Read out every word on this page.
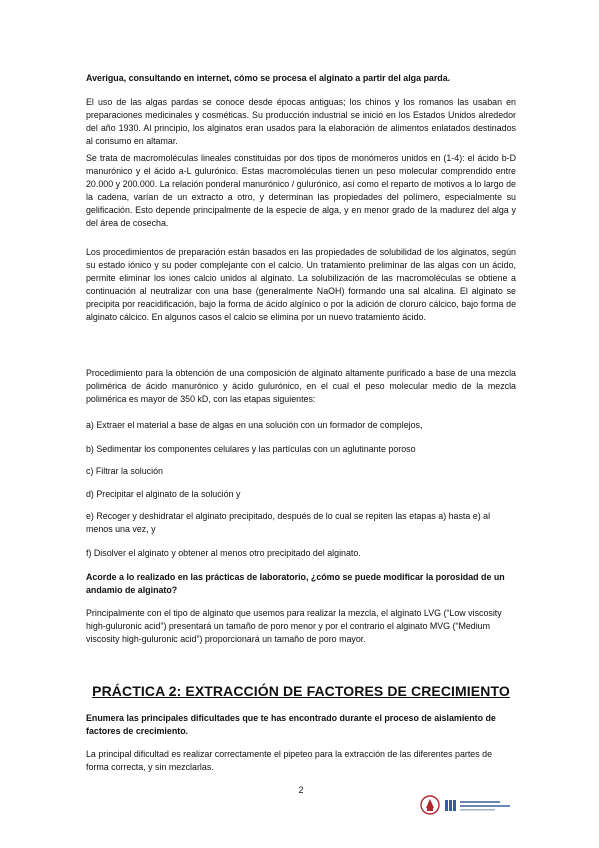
Averigua, consultando en internet, cómo se procesa el alginato a partir del alga parda.
El uso de las algas pardas se conoce desde épocas antiguas; los chinos y los romanos las usaban en preparaciones medicinales y cosméticas. Su producción industrial se inició en los Estados Unidos alrededor del año 1930. Al principio, los alginatos eran usados para la elaboración de alimentos enlatados destinados al consumo en altamar.
Se trata de macromoléculas lineales constituidas por dos tipos de monómeros unidos en (1-4): el ácido b-D manurónico y el ácido a-L gulurónico. Estas macromoléculas tienen un peso molecular comprendido entre 20.000 y 200.000. La relación ponderal manurónico / gulurónico, así como el reparto de motivos a lo largo de la cadena, varían de un extracto a otro, y determinan las propiedades del polímero, especialmente su gelificación. Esto depende principalmente de la especie de alga, y en menor grado de la madurez del alga y del área de cosecha.
Los procedimientos de preparación están basados en las propiedades de solubilidad de los alginatos, según su estado iónico y su poder complejante con el calcio. Un tratamiento preliminar de las algas con un ácido, permite eliminar los iones calcio unidos al alginato. La solubilización de las rnacromoléculas se obtiene a continuación al neutralizar con una base (generalmente NaOH) formando una sal alcalina. El alginato se precipita por reacidificación, bajo la forma de ácido algínico o por la adición de cloruro cálcico, bajo forma de alginato cálcico. En algunos casos el calcio se elimina por un nuevo tratamiento ácido.
Procedimiento para la obtención de una composición de alginato altamente purificado a base de una mezcla polimérica de ácido manurónico y ácido gulurónico, en el cual el peso molecular medio de la mezcla polimérica es mayor de 350 kD, con las etapas siguientes:
a) Extraer el material a base de algas en una solución con un formador de complejos,
b) Sedimentar los componentes celulares y las partículas con un aglutinante poroso
c) Filtrar la solución
d) Precipitar el alginato de la solución y
e) Recoger y deshidratar el alginato precipitado, después de lo cual se repiten las etapas a) hasta e) al menos una vez, y
f) Disolver el alginato y obtener al menos otro precipitado del alginato.
Acorde a lo realizado en las prácticas de laboratorio, ¿cómo se puede modificar la porosidad de un andamio de alginato?
Principalmente con el tipo de alginato que usemos para realizar la mezcla, el alginato LVG (“Low viscosity high-guluronic acid”) presentará un tamaño de poro menor y por el contrario el alginato MVG (“Medium viscosity high-guluronic acid”) proporcionará un tamaño de poro mayor.
PRÁCTICA 2: EXTRACCIÓN DE FACTORES DE CRECIMIENTO
Enumera las principales dificultades que te has encontrado durante el proceso de aislamiento de factores de crecimiento.
La principal dificultad es realizar correctamente el pipeteo para la extracción de las diferentes partes de forma correcta, y sin mezclarlas.
2
